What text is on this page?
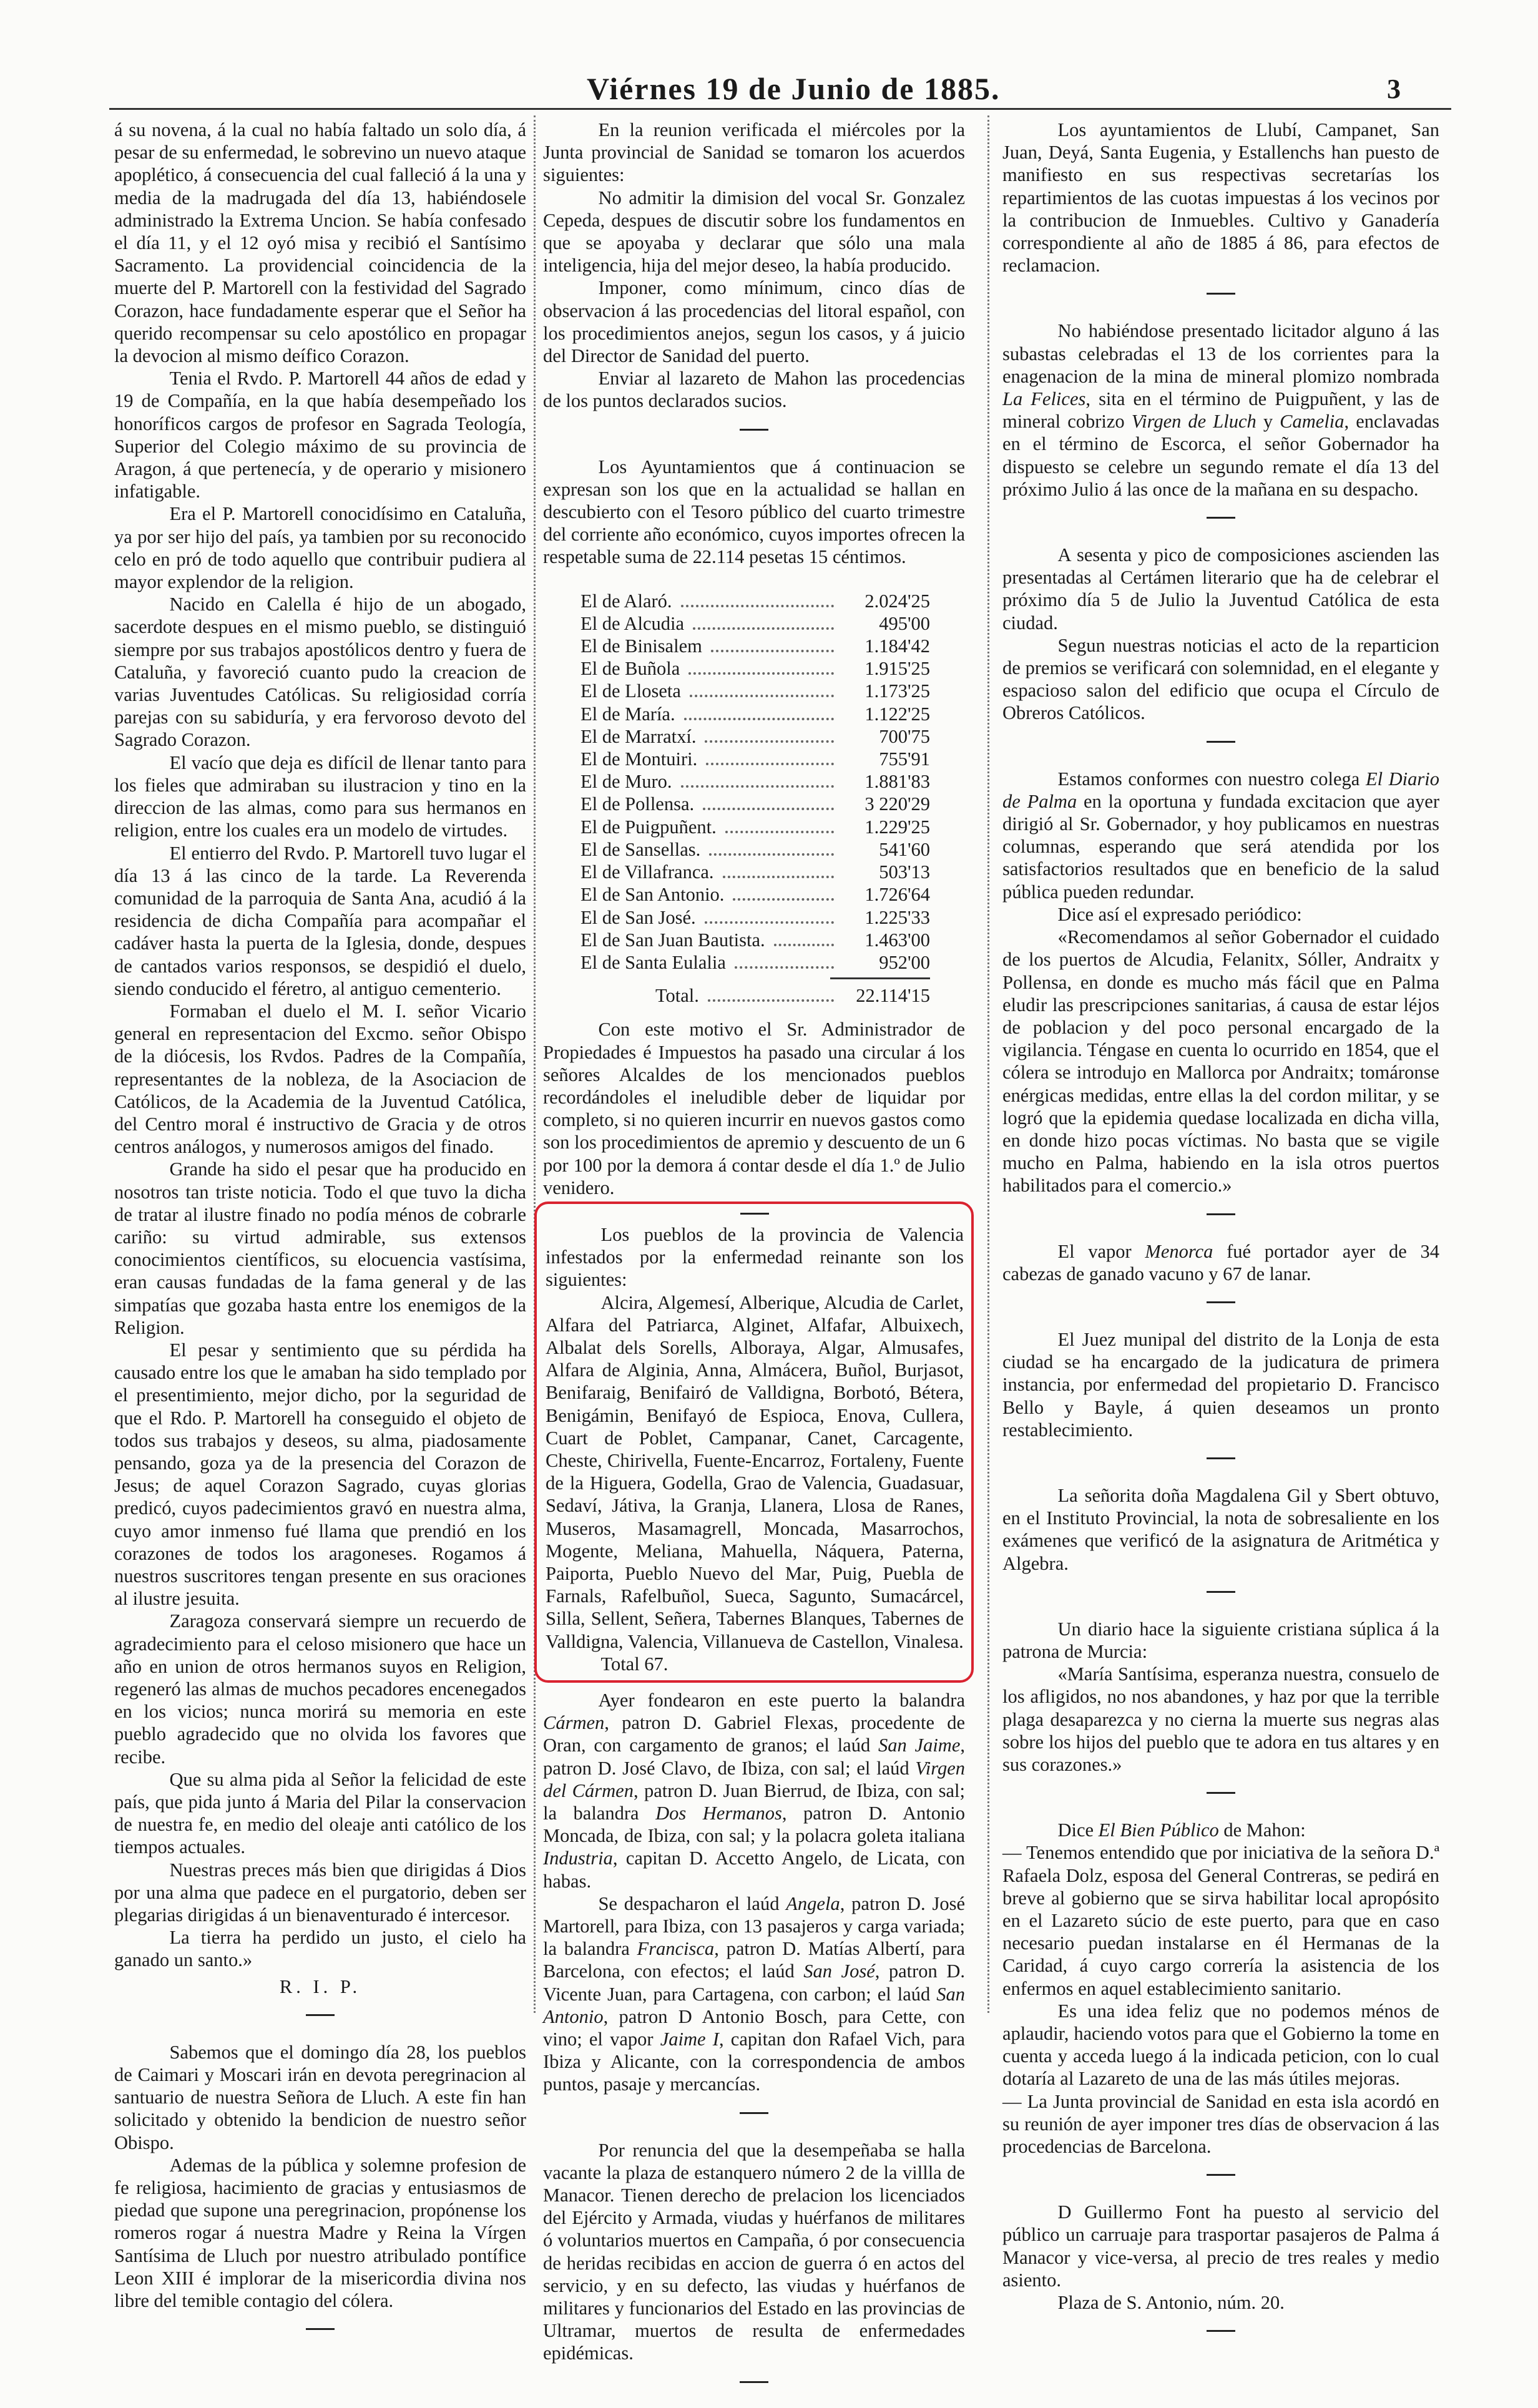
Viérnes 19 de Junio de 1885.	3

á su novena, á la cual no había faltado un solo día, á pesar de su enfermedad, le sobrevino un nuevo ataque apoplético, á consecuencia del cual falleció á la una y media de la madrugada del día 13, habiéndosele administrado la Extrema Uncion. Se había confesado el día 11, y el 12 oyó misa y recibió el Santísimo Sacramento. La providencial coincidencia de la muerte del P. Martorell con la festividad del Sagrado Corazon, hace fundadamente esperar que el Señor ha querido recompensar su celo apostólico en propagar la devocion al mismo deífico Corazon.

Tenia el Rvdo. P. Martorell 44 años de edad y 19 de Compañía, en la que había desempeñado los honoríficos cargos de profesor en Sagrada Teología, Superior del Colegio máximo de su provincia de Aragon, á que pertenecía, y de operario y misionero infatigable.

Era el P. Martorell conocidísimo en Cataluña, ya por ser hijo del país, ya tambien por su reconocido celo en pró de todo aquello que contribuir pudiera al mayor explendor de la religion.

Nacido en Calella é hijo de un abogado, sacerdote despues en el mismo pueblo, se distinguió siempre por sus trabajos apostólicos dentro y fuera de Cataluña, y favoreció cuanto pudo la creacion de varias Juventudes Católicas. Su religiosidad corría parejas con su sabiduría, y era fervoroso devoto del Sagrado Corazon.

El vacío que deja es difícil de llenar tanto para los fieles que admiraban su ilustracion y tino en la direccion de las almas, como para sus hermanos en religion, entre los cuales era un modelo de virtudes.

El entierro del Rvdo. P. Martorell tuvo lugar el día 13 á las cinco de la tarde. La Reverenda comunidad de la parroquia de Santa Ana, acudió á la residencia de dicha Compañía para acompañar el cadáver hasta la puerta de la Iglesia, donde, despues de cantados varios responsos, se despidió el duelo, siendo conducido el féretro, al antiguo cementerio.

Formaban el duelo el M. I. señor Vicario general en representacion del Excmo. señor Obispo de la diócesis, los Rvdos. Padres de la Compañía, representantes de la nobleza, de la Asociacion de Católicos, de la Academia de la Juventud Católica, del Centro moral é instructivo de Gracia y de otros centros análogos, y numerosos amigos del finado.

Grande ha sido el pesar que ha producido en nosotros tan triste noticia. Todo el que tuvo la dicha de tratar al ilustre finado no podía ménos de cobrarle cariño: su virtud admirable, sus extensos conocimientos científicos, su elocuencia vastísima, eran causas fundadas de la fama general y de las simpatías que gozaba hasta entre los enemigos de la Religion.

El pesar y sentimiento que su pérdida ha causado entre los que le amaban ha sido templado por el presentimiento, mejor dicho, por la seguridad de que el Rdo. P. Martorell ha conseguido el objeto de todos sus trabajos y deseos, su alma, piadosamente pensando, goza ya de la presencia del Corazon de Jesus; de aquel Corazon Sagrado, cuyas glorias predicó, cuyos padecimientos gravó en nuestra alma, cuyo amor inmenso fué llama que prendió en los corazones de todos los aragoneses. Rogamos á nuestros suscritores tengan presente en sus oraciones al ilustre jesuita.

Zaragoza conservará siempre un recuerdo de agradecimiento para el celoso misionero que hace un año en union de otros hermanos suyos en Religion, regeneró las almas de muchos pecadores encenegados en los vicios; nunca morirá su memoria en este pueblo agradecido que no olvida los favores que recibe.

Que su alma pida al Señor la felicidad de este país, que pida junto á Maria del Pilar la conservacion de nuestra fe, en medio del oleaje anti católico de los tiempos actuales.

Nuestras preces más bien que dirigidas á Dios por una alma que padece en el purgatorio, deben ser plegarias dirigidas á un bienaventurado é intercesor.

La tierra ha perdido un justo, el cielo ha ganado un santo.»

R. I. P.

Sabemos que el domingo día 28, los pueblos de Caimari y Moscari irán en devota peregrinacion al santuario de nuestra Señora de Lluch. A este fin han solicitado y obtenido la bendicion de nuestro señor Obispo.

Ademas de la pública y solemne profesion de fe religiosa, hacimiento de gracias y entusiasmos de piedad que supone una peregrinacion, propónense los romeros rogar á nuestra Madre y Reina la Vírgen Santísima de Lluch por nuestro atribulado pontífice Leon XIII é implorar de la misericordia divina nos libre del temible contagio del cólera.

En la reunion verificada el miércoles por la Junta provincial de Sanidad se tomaron los acuerdos siguientes:

No admitir la dimision del vocal Sr. Gonzalez Cepeda, despues de discutir sobre los fundamentos en que se apoyaba y declarar que sólo una mala inteligencia, hija del mejor deseo, la había producido.

Imponer, como mínimum, cinco días de observacion á las procedencias del litoral español, con los procedimientos anejos, segun los casos, y á juicio del Director de Sanidad del puerto.

Enviar al lazareto de Mahon las procedencias de los puntos declarados sucios.

Los Ayuntamientos que á continuacion se expresan son los que en la actualidad se hallan en descubierto con el Tesoro público del cuarto trimestre del corriente año económico, cuyos importes ofrecen la respetable suma de 22.114 pesetas 15 céntimos.

El de Alaró.	2.024'25
El de Alcudia	495'00
El de Binisalem	1.184'42
El de Buñola	1.915'25
El de Lloseta	1.173'25
El de María.	1.122'25
El de Marratxí.	700'75
El de Montuiri.	755'91
El de Muro.	1.881'83
El de Pollensa.	3 220'29
El de Puigpuñent.	1.229'25
El de Sansellas.	541'60
El de Villafranca.	503'13
El de San Antonio.	1.726'64
El de San José.	1.225'33
El de San Juan Bautista.	1.463'00
El de Santa Eulalia	952'00
Total.	22.114'15

Con este motivo el Sr. Administrador de Propiedades é Impuestos ha pasado una circular á los señores Alcaldes de los mencionados pueblos recordándoles el ineludible deber de liquidar por completo, si no quieren incurrir en nuevos gastos como son los procedimientos de apremio y descuento de un 6 por 100 por la demora á contar desde el día 1.º de Julio venidero.

Los pueblos de la provincia de Valencia infestados por la enfermedad reinante son los siguientes:

Alcira, Algemesí, Alberique, Alcudia de Carlet, Alfara del Patriarca, Alginet, Alfafar, Albuixech, Albalat dels Sorells, Alboraya, Algar, Almusafes, Alfara de Alginia, Anna, Almácera, Buñol, Burjasot, Benifaraig, Benifairó de Valldigna, Borbotó, Bétera, Benigámin, Benifayó de Espioca, Enova, Cullera, Cuart de Poblet, Campanar, Canet, Carcagente, Cheste, Chirivella, Fuente-Encarroz, Fortaleny, Fuente de la Higuera, Godella, Grao de Valencia, Guadasuar, Sedaví, Játiva, la Granja, Llanera, Llosa de Ranes, Museros, Masamagrell, Moncada, Masarrochos, Mogente, Meliana, Mahuella, Náquera, Paterna, Paiporta, Pueblo Nuevo del Mar, Puig, Puebla de Farnals, Rafelbuñol, Sueca, Sagunto, Sumacárcel, Silla, Sellent, Señera, Tabernes Blanques, Tabernes de Valldigna, Valencia, Villanueva de Castellon, Vinalesa.

Total 67.

Ayer fondearon en este puerto la balandra Cármen, patron D. Gabriel Flexas, procedente de Oran, con cargamento de granos; el laúd San Jaime, patron D. José Clavo, de Ibiza, con sal; el laúd Virgen del Cármen, patron D. Juan Bierrud, de Ibiza, con sal; la balandra Dos Hermanos, patron D. Antonio Moncada, de Ibiza, con sal; y la polacra goleta italiana Industria, capitan D. Accetto Angelo, de Licata, con habas.

Se despacharon el laúd Angela, patron D. José Martorell, para Ibiza, con 13 pasajeros y carga variada; la balandra Francisca, patron D. Matías Albertí, para Barcelona, con efectos; el laúd San José, patron D. Vicente Juan, para Cartagena, con carbon; el laúd San Antonio, patron D Antonio Bosch, para Cette, con vino; el vapor Jaime I, capitan don Rafael Vich, para Ibiza y Alicante, con la correspondencia de ambos puntos, pasaje y mercancías.

Por renuncia del que la desempeñaba se halla vacante la plaza de estanquero número 2 de la villla de Manacor. Tienen derecho de prelacion los licenciados del Ejército y Armada, viudas y huérfanos de militares ó voluntarios muertos en Campaña, ó por consecuencia de heridas recibidas en accion de guerra ó en actos del servicio, y en su defecto, las viudas y huérfanos de militares y funcionarios del Estado en las provincias de Ultramar, muertos de resulta de enfermedades epidémicas.

Los ayuntamientos de Llubí, Campanet, San Juan, Deyá, Santa Eugenia, y Estallenchs han puesto de manifiesto en sus respectivas secretarías los repartimientos de las cuotas impuestas á los vecinos por la contribucion de Inmuebles. Cultivo y Ganadería correspondiente al año de 1885 á 86, para efectos de reclamacion.

No habiéndose presentado licitador alguno á las subastas celebradas el 13 de los corrientes para la enagenacion de la mina de mineral plomizo nombrada La Felices, sita en el término de Puigpuñent, y las de mineral cobrizo Virgen de Lluch y Camelia, enclavadas en el término de Escorca, el señor Gobernador ha dispuesto se celebre un segundo remate el día 13 del próximo Julio á las once de la mañana en su despacho.

A sesenta y pico de composiciones ascienden las presentadas al Certámen literario que ha de celebrar el próximo día 5 de Julio la Juventud Católica de esta ciudad.

Segun nuestras noticias el acto de la reparticion de premios se verificará con solemnidad, en el elegante y espacioso salon del edificio que ocupa el Círculo de Obreros Católicos.

Estamos conformes con nuestro colega El Diario de Palma en la oportuna y fundada excitacion que ayer dirigió al Sr. Gobernador, y hoy publicamos en nuestras columnas, esperando que será atendida por los satisfactorios resultados que en beneficio de la salud pública pueden redundar.

Dice así el expresado periódico:

«Recomendamos al señor Gobernador el cuidado de los puertos de Alcudia, Felanitx, Sóller, Andraitx y Pollensa, en donde es mucho más fácil que en Palma eludir las prescripciones sanitarias, á causa de estar léjos de poblacion y del poco personal encargado de la vigilancia. Téngase en cuenta lo ocurrido en 1854, que el cólera se introdujo en Mallorca por Andraitx; tomáronse enérgicas medidas, entre ellas la del cordon militar, y se logró que la epidemia quedase localizada en dicha villa, en donde hizo pocas víctimas. No basta que se vigile mucho en Palma, habiendo en la isla otros puertos habilitados para el comercio.»

El vapor Menorca fué portador ayer de 34 cabezas de ganado vacuno y 67 de lanar.

El Juez munipal del distrito de la Lonja de esta ciudad se ha encargado de la judicatura de primera instancia, por enfermedad del propietario D. Francisco Bello y Bayle, á quien deseamos un pronto restablecimiento.

La señorita doña Magdalena Gil y Sbert obtuvo, en el Instituto Provincial, la nota de sobresaliente en los exámenes que verificó de la asignatura de Aritmética y Algebra.

Un diario hace la siguiente cristiana súplica á la patrona de Murcia:

«María Santísima, esperanza nuestra, consuelo de los afligidos, no nos abandones, y haz por que la terrible plaga desaparezca y no cierna la muerte sus negras alas sobre los hijos del pueblo que te adora en tus altares y en sus corazones.»

Dice El Bien Público de Mahon:

— Tenemos entendido que por iniciativa de la señora D.ª Rafaela Dolz, esposa del General Contreras, se pedirá en breve al gobierno que se sirva habilitar local apropósito en el Lazareto súcio de este puerto, para que en caso necesario puedan instalarse en él Hermanas de la Caridad, á cuyo cargo correría la asistencia de los enfermos en aquel establecimiento sanitario.

Es una idea feliz que no podemos ménos de aplaudir, haciendo votos para que el Gobierno la tome en cuenta y acceda luego á la indicada peticion, con lo cual dotaría al Lazareto de una de las más útiles mejoras.

— La Junta provincial de Sanidad en esta isla acordó en su reunión de ayer imponer tres días de observacion á las procedencias de Barcelona.

D Guillermo Font ha puesto al servicio del público un carruaje para trasportar pasajeros de Palma á Manacor y vice-versa, al precio de tres reales y medio asiento.

Plaza de S. Antonio, núm. 20.
